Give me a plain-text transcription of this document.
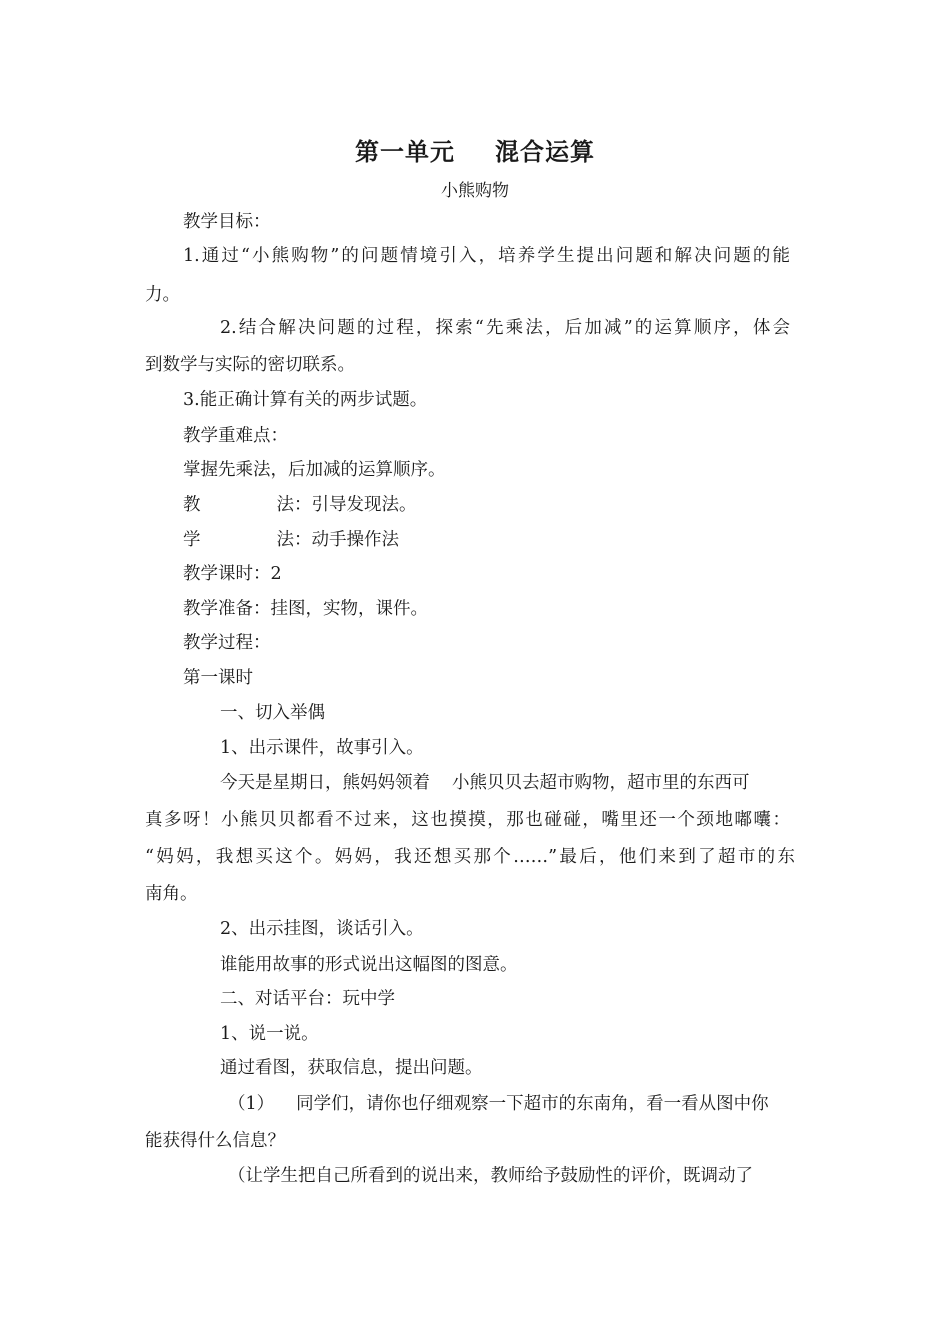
第一单元 混合运算
小熊购物
教学目标：
1.通过“小熊购物”的问题情境引入，培养学生提出问题和解决问题的能
力。
2.结合解决问题的过程，探索“先乘法，后加减”的运算顺序，体会
到数学与实际的密切联系。
3.能正确计算有关的两步试题。
教学重难点：
掌握先乘法，后加减的运算顺序。
教	法：引导发现法。
学	法：动手操作法
教学课时：2
教学准备：挂图，实物，课件。
教学过程：
第一课时
一、切入举偶
1、出示课件，故事引入。
今天是星期日，熊妈妈领着 小熊贝贝去超市购物，超市里的东西可
真多呀！小熊贝贝都看不过来，这也摸摸，那也碰碰，嘴里还一个颈地嘟囔：
“妈妈，我想买这个。妈妈，我还想买那个……”最后，他们来到了超市的东
南角。
2、出示挂图，谈话引入。
谁能用故事的形式说出这幅图的图意。
二、对话平台：玩中学
1、说一说。
通过看图，获取信息，提出问题。
（1） 同学们，请你也仔细观察一下超市的东南角，看一看从图中你
能获得什么信息？
（让学生把自己所看到的说出来，教师给予鼓励性的评价，既调动了
